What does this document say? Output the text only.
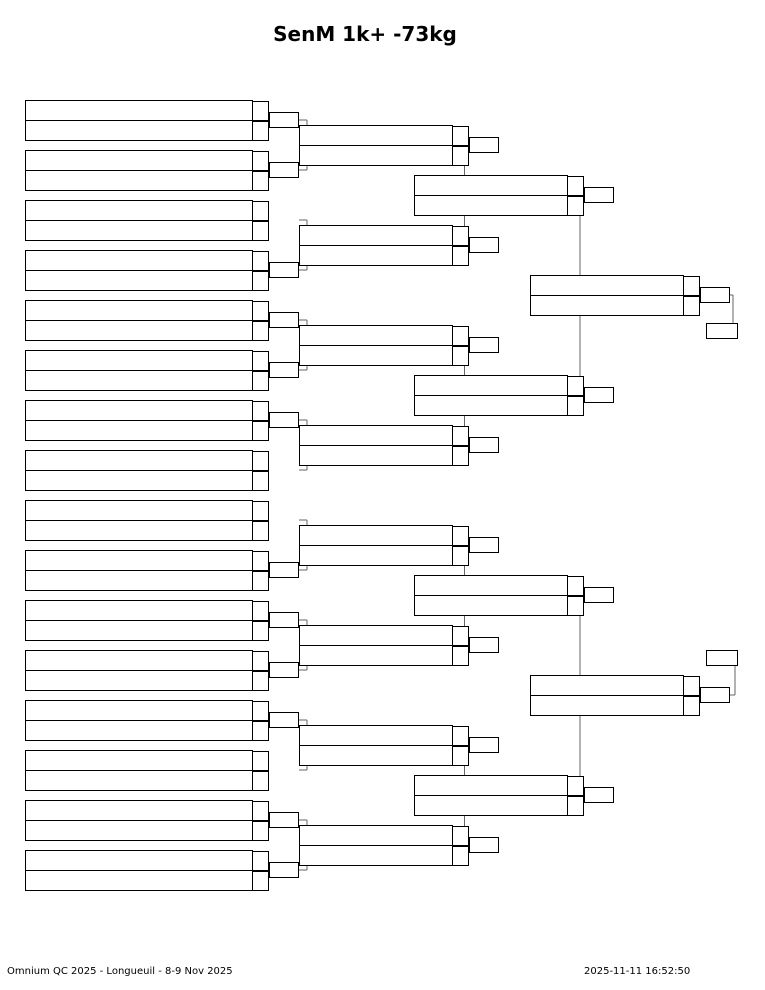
SenM 1k+ -73kg
Omnium QC 2025 - Longueuil - 8-9 Nov 2025	2025-11-11 16:52:50
